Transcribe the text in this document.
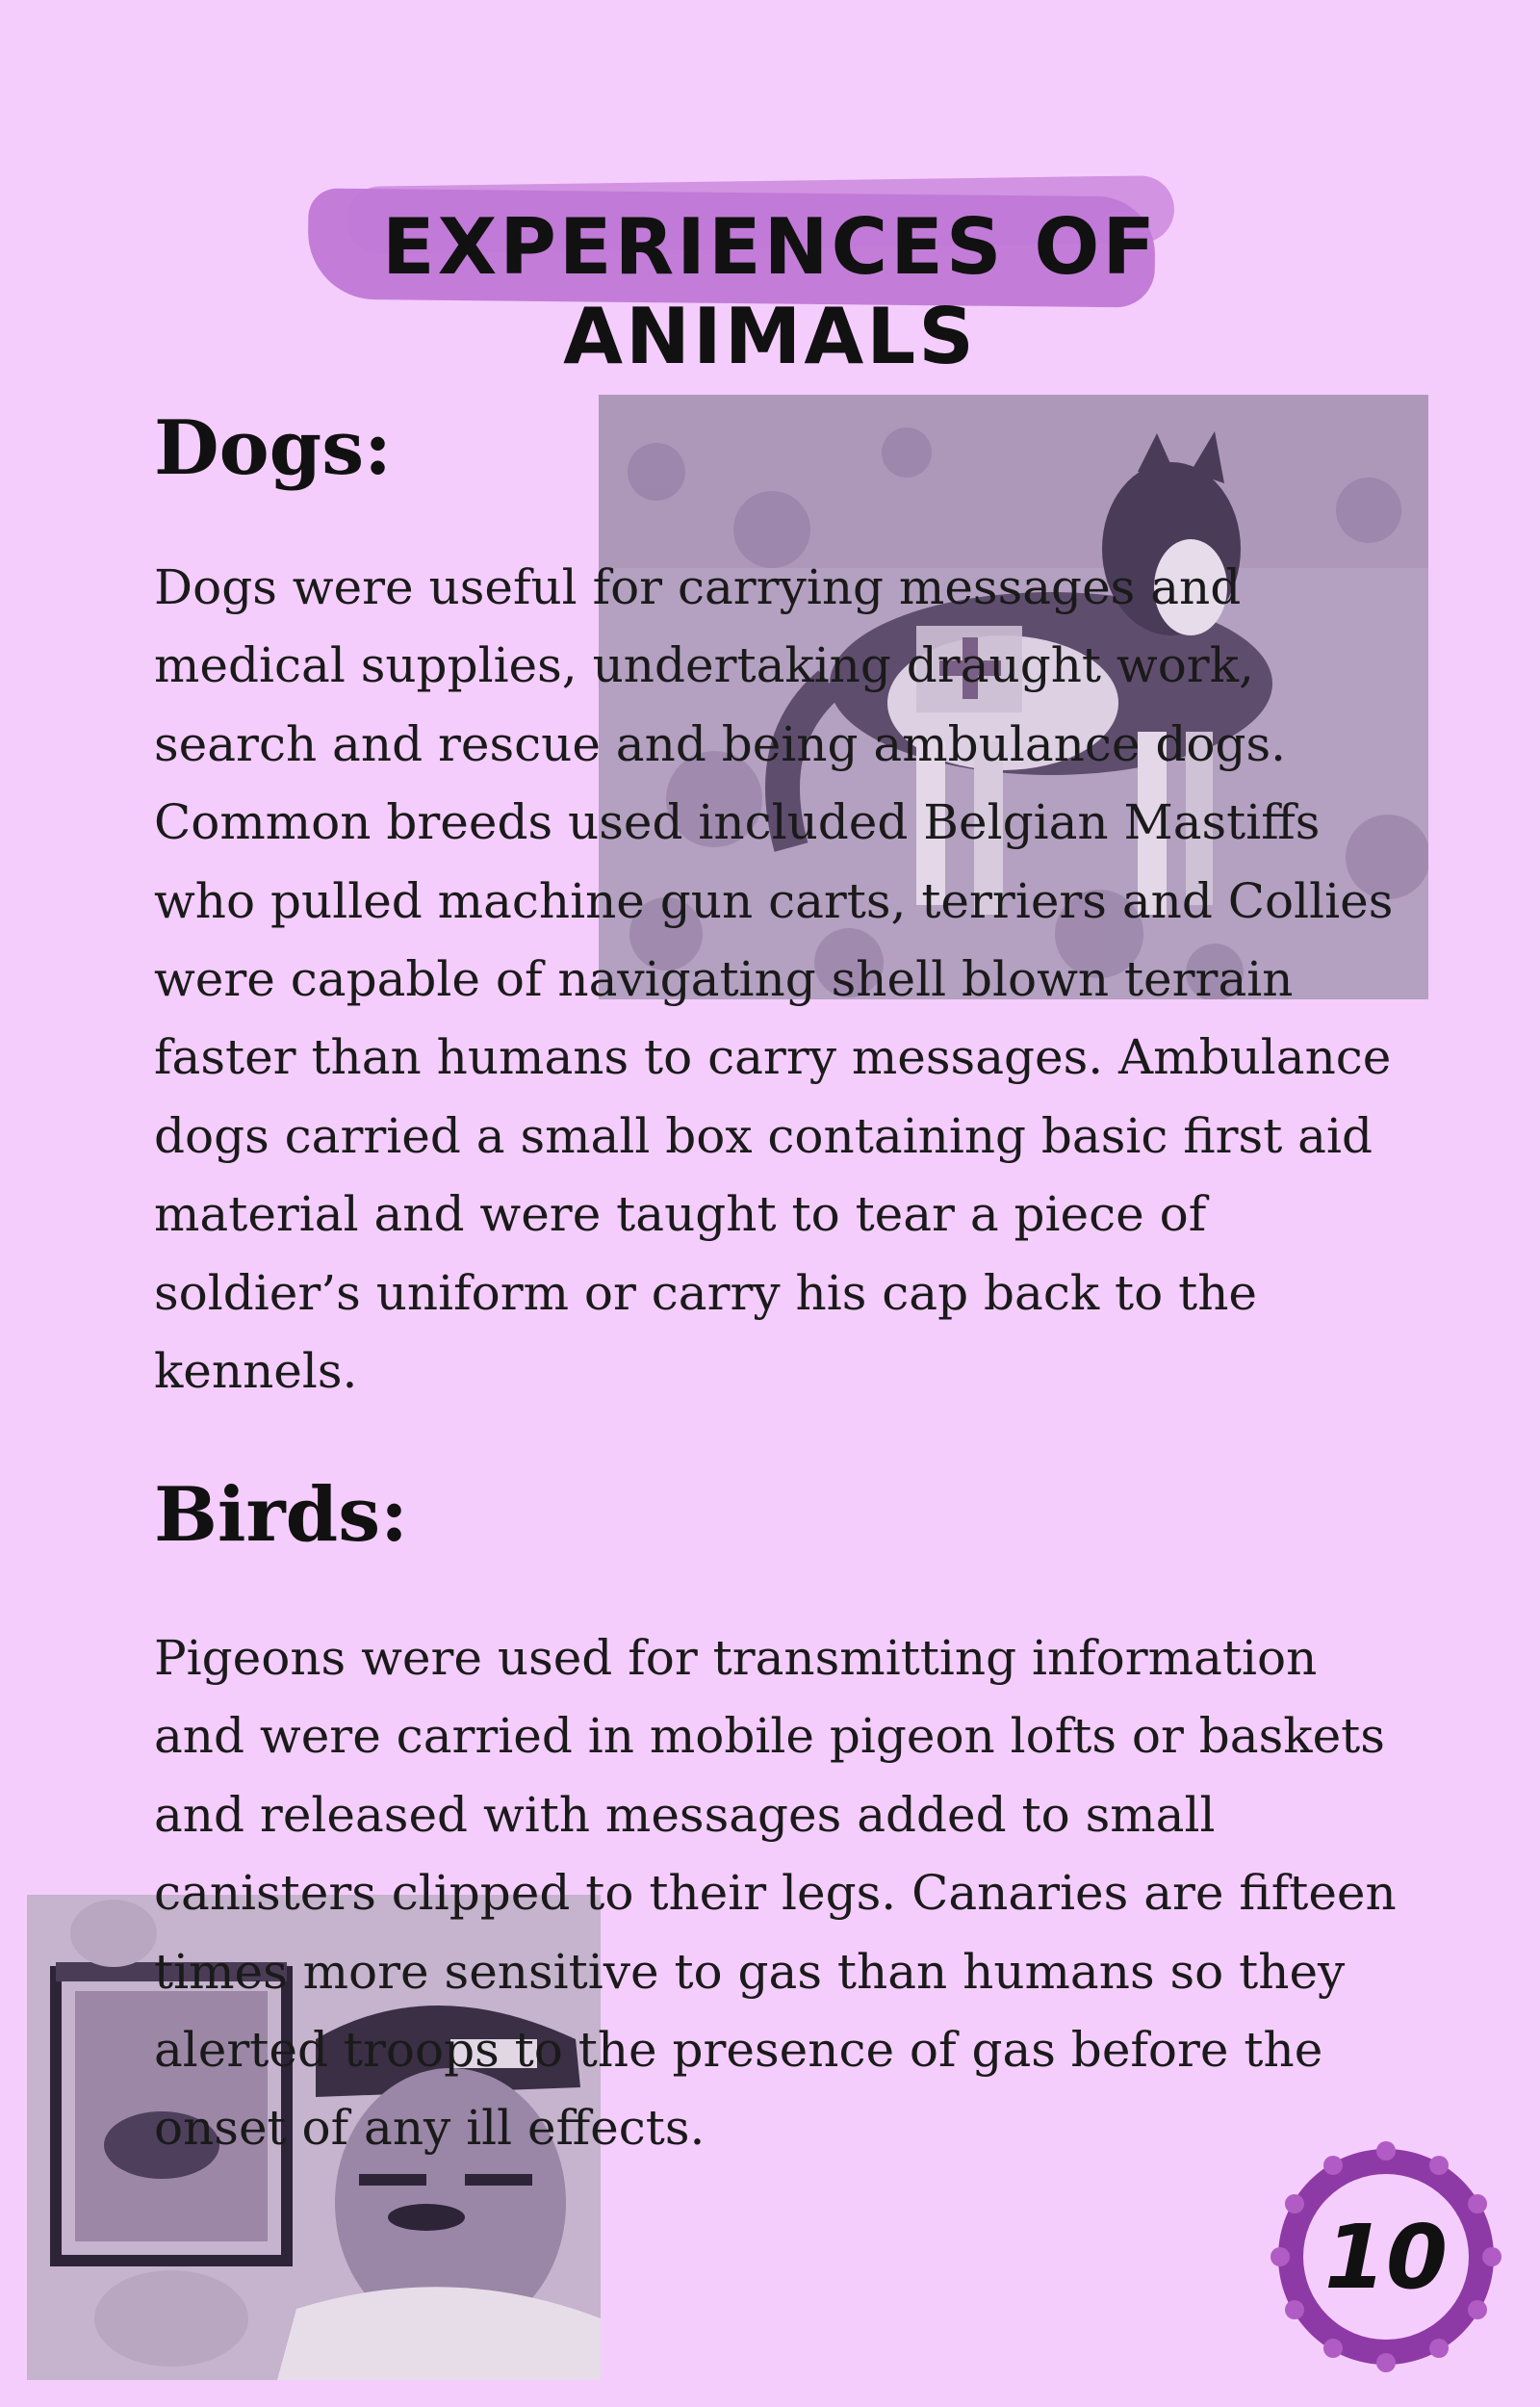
EXPERIENCES OF ANIMALS
Dogs:

Dogs were useful for carrying messages and medical supplies, undertaking draught work, search and rescue and being ambulance dogs. Common breeds used included Belgian Mastiffs who pulled machine gun carts, terriers and Collies were capable of navigating shell blown terrain faster than humans to carry messages. Ambulance dogs carried a small box containing basic first aid material and were taught to tear a piece of soldier’s uniform or carry his cap back to the kennels.

Birds:

Pigeons were used for transmitting information and were carried in mobile pigeon lofts or baskets and released with messages added to small canisters clipped to their legs. Canaries are fifteen times more sensitive to gas than humans so they alerted troops to the presence of gas before the onset of any ill effects.

10
